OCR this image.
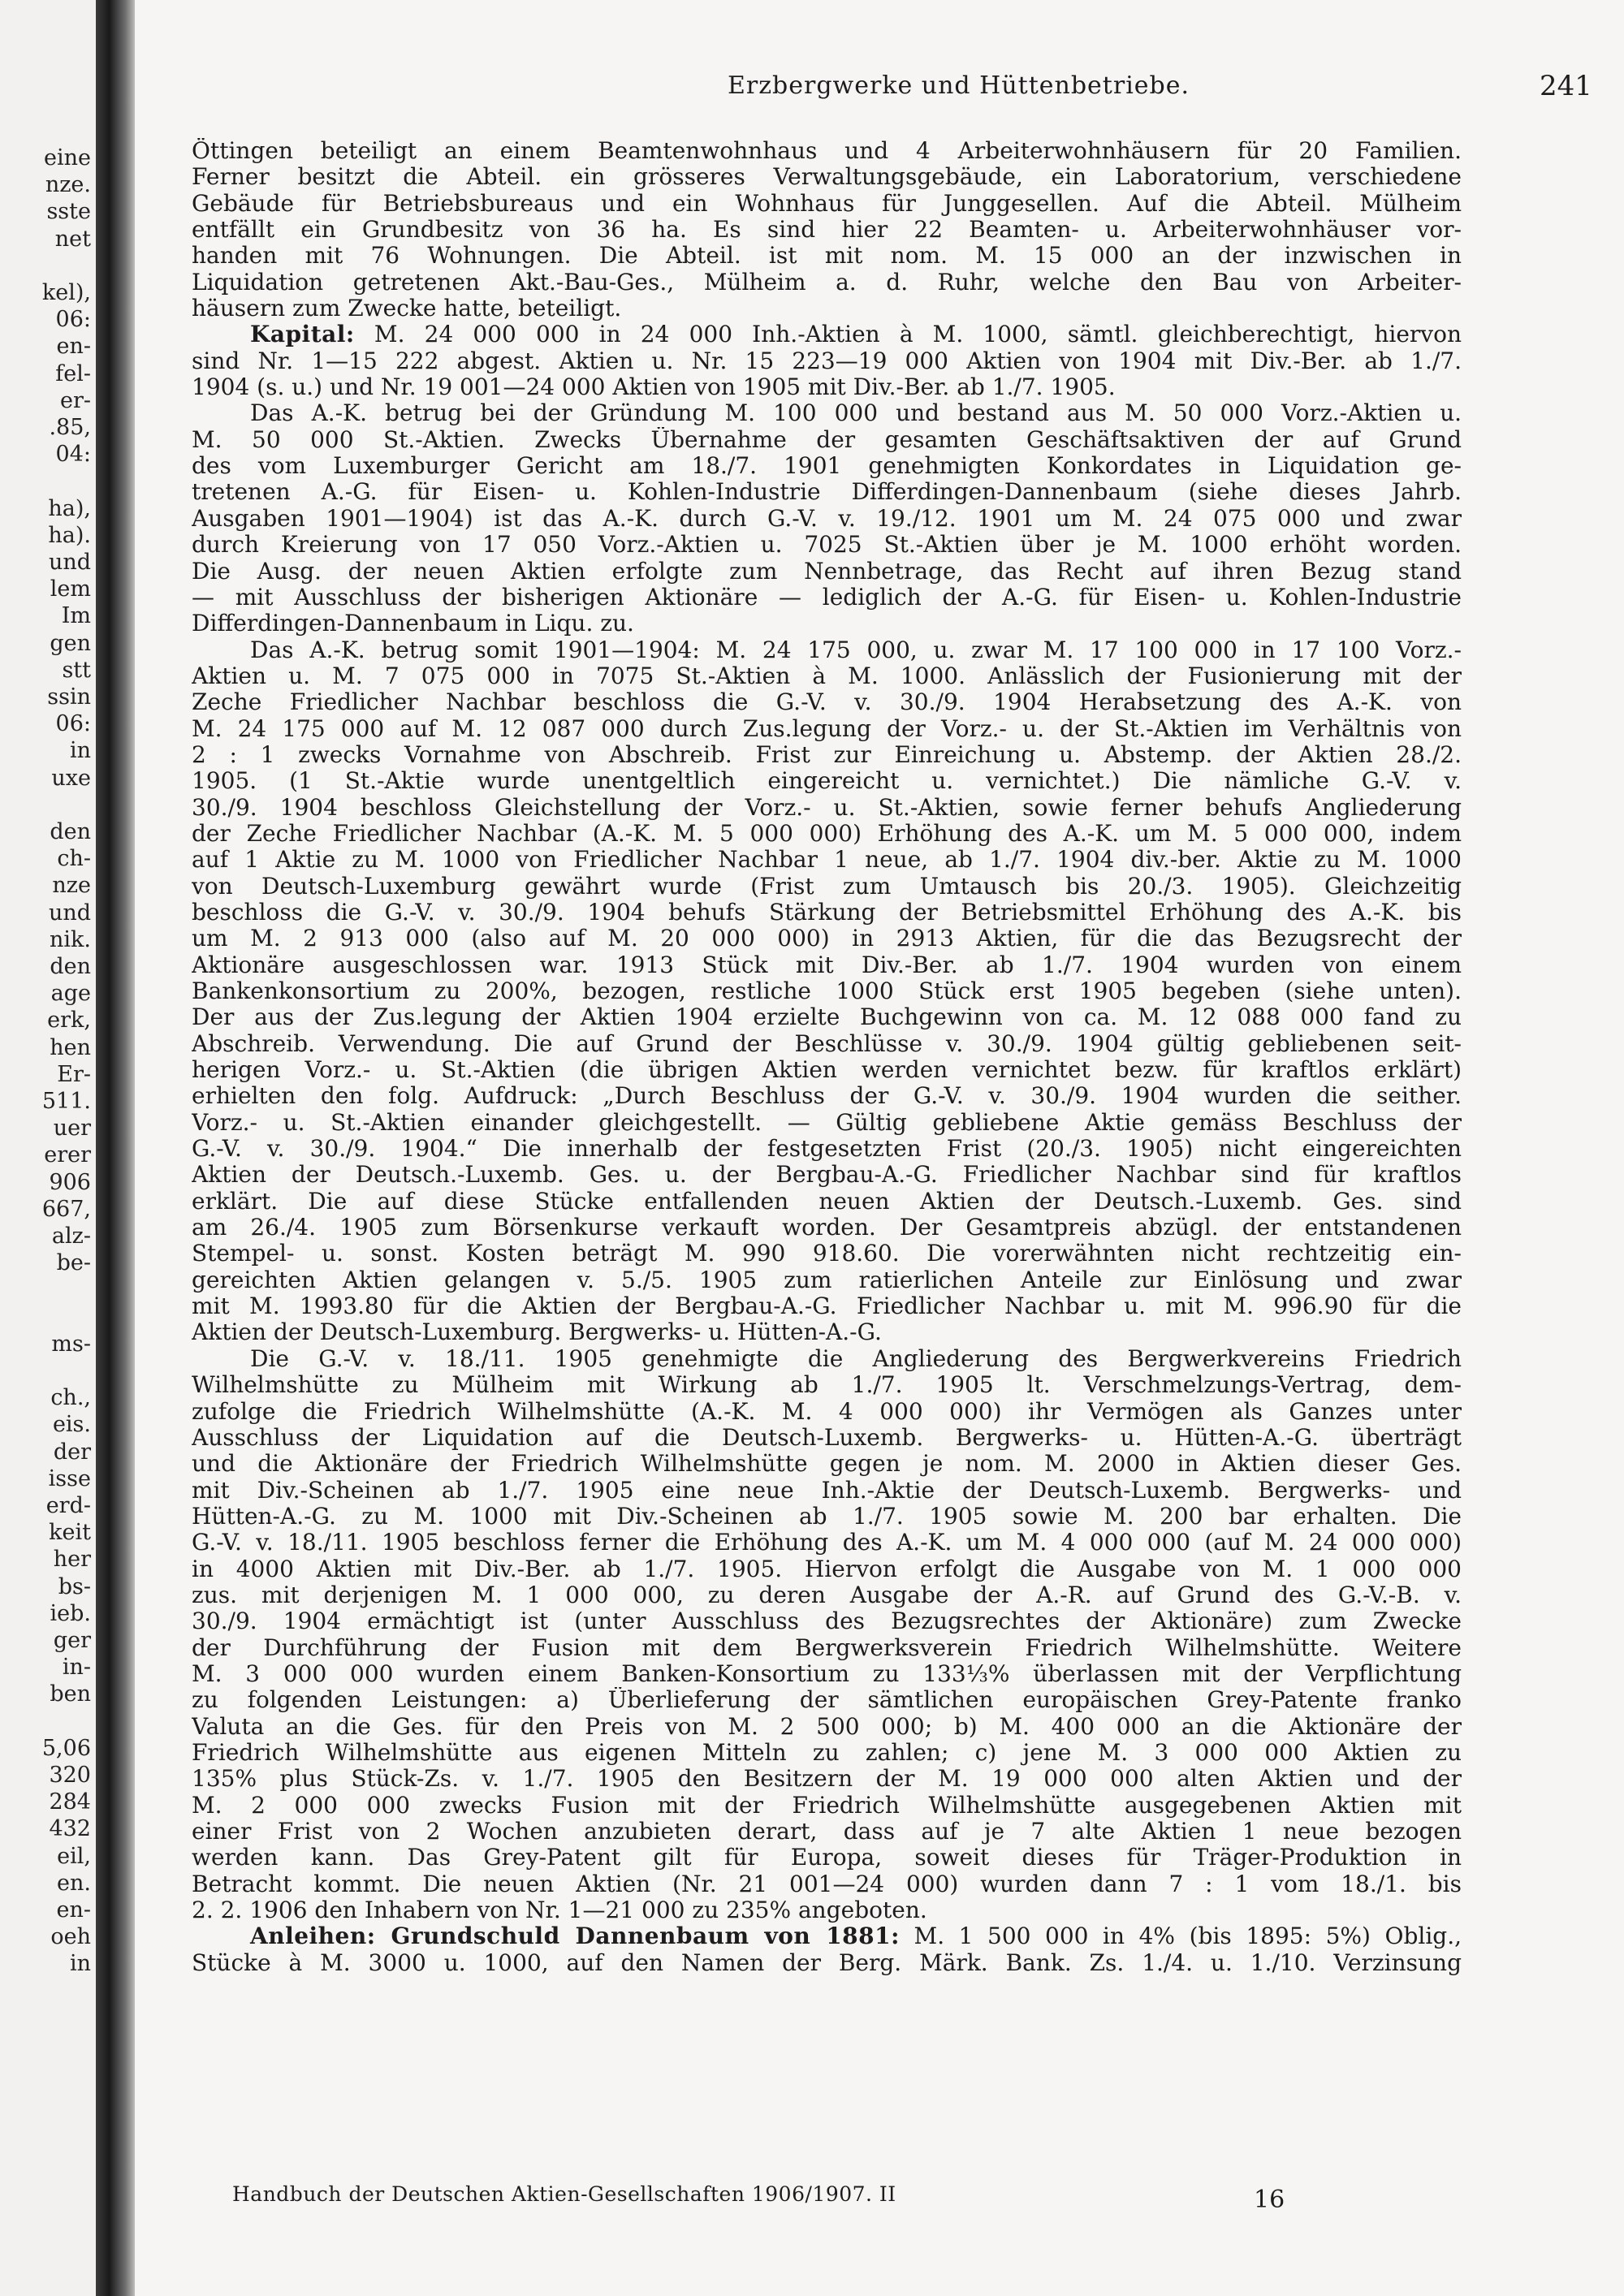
eine
nze.
sste
net
kel),
06:
en-
fel-
er-
.85,
04:
ha),
ha).
und
lem
Im
gen
stt
ssin
06:
in
uxe
den
ch-
nze
und
nik.
den
age
erk,
hen
Er-
511.
uer
erer
906
667,
alz-
be-
ms-
ch.,
eis.
der
isse
erd-
keit
her
bs-
ieb.
ger
in-
ben
5,06
320
284
432
eil,
en.
en-
oeh
in
Erzbergwerke und Hüttenbetriebe.	241
Öttingen beteiligt an einem Beamtenwohnhaus und 4 Arbeiterwohnhäusern für 20 Familien.
Ferner besitzt die Abteil. ein grösseres Verwaltungsgebäude, ein Laboratorium, verschiedene
Gebäude für Betriebsbureaus und ein Wohnhaus für Junggesellen. Auf die Abteil. Mülheim
entfällt ein Grundbesitz von 36 ha. Es sind hier 22 Beamten- u. Arbeiterwohnhäuser vor-
handen mit 76 Wohnungen. Die Abteil. ist mit nom. M. 15 000 an der inzwischen in
Liquidation getretenen Akt.-Bau-Ges., Mülheim a. d. Ruhr, welche den Bau von Arbeiter-
häusern zum Zwecke hatte, beteiligt.
Kapital: M. 24 000 000 in 24 000 Inh.-Aktien à M. 1000, sämtl. gleichberechtigt, hiervon
sind Nr. 1—15 222 abgest. Aktien u. Nr. 15 223—19 000 Aktien von 1904 mit Div.-Ber. ab 1./7.
1904 (s. u.) und Nr. 19 001—24 000 Aktien von 1905 mit Div.-Ber. ab 1./7. 1905.
Das A.-K. betrug bei der Gründung M. 100 000 und bestand aus M. 50 000 Vorz.-Aktien u.
M. 50 000 St.-Aktien. Zwecks Übernahme der gesamten Geschäftsaktiven der auf Grund
des vom Luxemburger Gericht am 18./7. 1901 genehmigten Konkordates in Liquidation ge-
tretenen A.-G. für Eisen- u. Kohlen-Industrie Differdingen-Dannenbaum (siehe dieses Jahrb.
Ausgaben 1901—1904) ist das A.-K. durch G.-V. v. 19./12. 1901 um M. 24 075 000 und zwar
durch Kreierung von 17 050 Vorz.-Aktien u. 7025 St.-Aktien über je M. 1000 erhöht worden.
Die Ausg. der neuen Aktien erfolgte zum Nennbetrage, das Recht auf ihren Bezug stand
— mit Ausschluss der bisherigen Aktionäre — lediglich der A.-G. für Eisen- u. Kohlen-Industrie
Differdingen-Dannenbaum in Liqu. zu.
Das A.-K. betrug somit 1901—1904: M. 24 175 000, u. zwar M. 17 100 000 in 17 100 Vorz.-
Aktien u. M. 7 075 000 in 7075 St.-Aktien à M. 1000. Anlässlich der Fusionierung mit der
Zeche Friedlicher Nachbar beschloss die G.-V. v. 30./9. 1904 Herabsetzung des A.-K. von
M. 24 175 000 auf M. 12 087 000 durch Zus.legung der Vorz.- u. der St.-Aktien im Verhältnis von
2 : 1 zwecks Vornahme von Abschreib. Frist zur Einreichung u. Abstemp. der Aktien 28./2.
1905. (1 St.-Aktie wurde unentgeltlich eingereicht u. vernichtet.) Die nämliche G.-V. v.
30./9. 1904 beschloss Gleichstellung der Vorz.- u. St.-Aktien, sowie ferner behufs Angliederung
der Zeche Friedlicher Nachbar (A.-K. M. 5 000 000) Erhöhung des A.-K. um M. 5 000 000, indem
auf 1 Aktie zu M. 1000 von Friedlicher Nachbar 1 neue, ab 1./7. 1904 div.-ber. Aktie zu M. 1000
von Deutsch-Luxemburg gewährt wurde (Frist zum Umtausch bis 20./3. 1905). Gleichzeitig
beschloss die G.-V. v. 30./9. 1904 behufs Stärkung der Betriebsmittel Erhöhung des A.-K. bis
um M. 2 913 000 (also auf M. 20 000 000) in 2913 Aktien, für die das Bezugsrecht der
Aktionäre ausgeschlossen war. 1913 Stück mit Div.-Ber. ab 1./7. 1904 wurden von einem
Bankenkonsortium zu 200%, bezogen, restliche 1000 Stück erst 1905 begeben (siehe unten).
Der aus der Zus.legung der Aktien 1904 erzielte Buchgewinn von ca. M. 12 088 000 fand zu
Abschreib. Verwendung. Die auf Grund der Beschlüsse v. 30./9. 1904 gültig gebliebenen seit-
herigen Vorz.- u. St.-Aktien (die übrigen Aktien werden vernichtet bezw. für kraftlos erklärt)
erhielten den folg. Aufdruck: „Durch Beschluss der G.-V. v. 30./9. 1904 wurden die seither.
Vorz.- u. St.-Aktien einander gleichgestellt. — Gültig gebliebene Aktie gemäss Beschluss der
G.-V. v. 30./9. 1904.“ Die innerhalb der festgesetzten Frist (20./3. 1905) nicht eingereichten
Aktien der Deutsch.-Luxemb. Ges. u. der Bergbau-A.-G. Friedlicher Nachbar sind für kraftlos
erklärt. Die auf diese Stücke entfallenden neuen Aktien der Deutsch.-Luxemb. Ges. sind
am 26./4. 1905 zum Börsenkurse verkauft worden. Der Gesamtpreis abzügl. der entstandenen
Stempel- u. sonst. Kosten beträgt M. 990 918.60. Die vorerwähnten nicht rechtzeitig ein-
gereichten Aktien gelangen v. 5./5. 1905 zum ratierlichen Anteile zur Einlösung und zwar
mit M. 1993.80 für die Aktien der Bergbau-A.-G. Friedlicher Nachbar u. mit M. 996.90 für die
Aktien der Deutsch-Luxemburg. Bergwerks- u. Hütten-A.-G.
Die G.-V. v. 18./11. 1905 genehmigte die Angliederung des Bergwerkvereins Friedrich
Wilhelmshütte zu Mülheim mit Wirkung ab 1./7. 1905 lt. Verschmelzungs-Vertrag, dem-
zufolge die Friedrich Wilhelmshütte (A.-K. M. 4 000 000) ihr Vermögen als Ganzes unter
Ausschluss der Liquidation auf die Deutsch-Luxemb. Bergwerks- u. Hütten-A.-G. überträgt
und die Aktionäre der Friedrich Wilhelmshütte gegen je nom. M. 2000 in Aktien dieser Ges.
mit Div.-Scheinen ab 1./7. 1905 eine neue Inh.-Aktie der Deutsch-Luxemb. Bergwerks- und
Hütten-A.-G. zu M. 1000 mit Div.-Scheinen ab 1./7. 1905 sowie M. 200 bar erhalten. Die
G.-V. v. 18./11. 1905 beschloss ferner die Erhöhung des A.-K. um M. 4 000 000 (auf M. 24 000 000)
in 4000 Aktien mit Div.-Ber. ab 1./7. 1905. Hiervon erfolgt die Ausgabe von M. 1 000 000
zus. mit derjenigen M. 1 000 000, zu deren Ausgabe der A.-R. auf Grund des G.-V.-B. v.
30./9. 1904 ermächtigt ist (unter Ausschluss des Bezugsrechtes der Aktionäre) zum Zwecke
der Durchführung der Fusion mit dem Bergwerksverein Friedrich Wilhelmshütte. Weitere
M. 3 000 000 wurden einem Banken-Konsortium zu 133⅓% überlassen mit der Verpflichtung
zu folgenden Leistungen: a) Überlieferung der sämtlichen europäischen Grey-Patente franko
Valuta an die Ges. für den Preis von M. 2 500 000; b) M. 400 000 an die Aktionäre der
Friedrich Wilhelmshütte aus eigenen Mitteln zu zahlen; c) jene M. 3 000 000 Aktien zu
135% plus Stück-Zs. v. 1./7. 1905 den Besitzern der M. 19 000 000 alten Aktien und der
M. 2 000 000 zwecks Fusion mit der Friedrich Wilhelmshütte ausgegebenen Aktien mit
einer Frist von 2 Wochen anzubieten derart, dass auf je 7 alte Aktien 1 neue bezogen
werden kann. Das Grey-Patent gilt für Europa, soweit dieses für Träger-Produktion in
Betracht kommt. Die neuen Aktien (Nr. 21 001—24 000) wurden dann 7 : 1 vom 18./1. bis
2. 2. 1906 den Inhabern von Nr. 1—21 000 zu 235% angeboten.
Anleihen: Grundschuld Dannenbaum von 1881: M. 1 500 000 in 4% (bis 1895: 5%) Oblig.,
Stücke à M. 3000 u. 1000, auf den Namen der Berg. Märk. Bank. Zs. 1./4. u. 1./10. Verzinsung
Handbuch der Deutschen Aktien-Gesellschaften 1906/1907. II	16
